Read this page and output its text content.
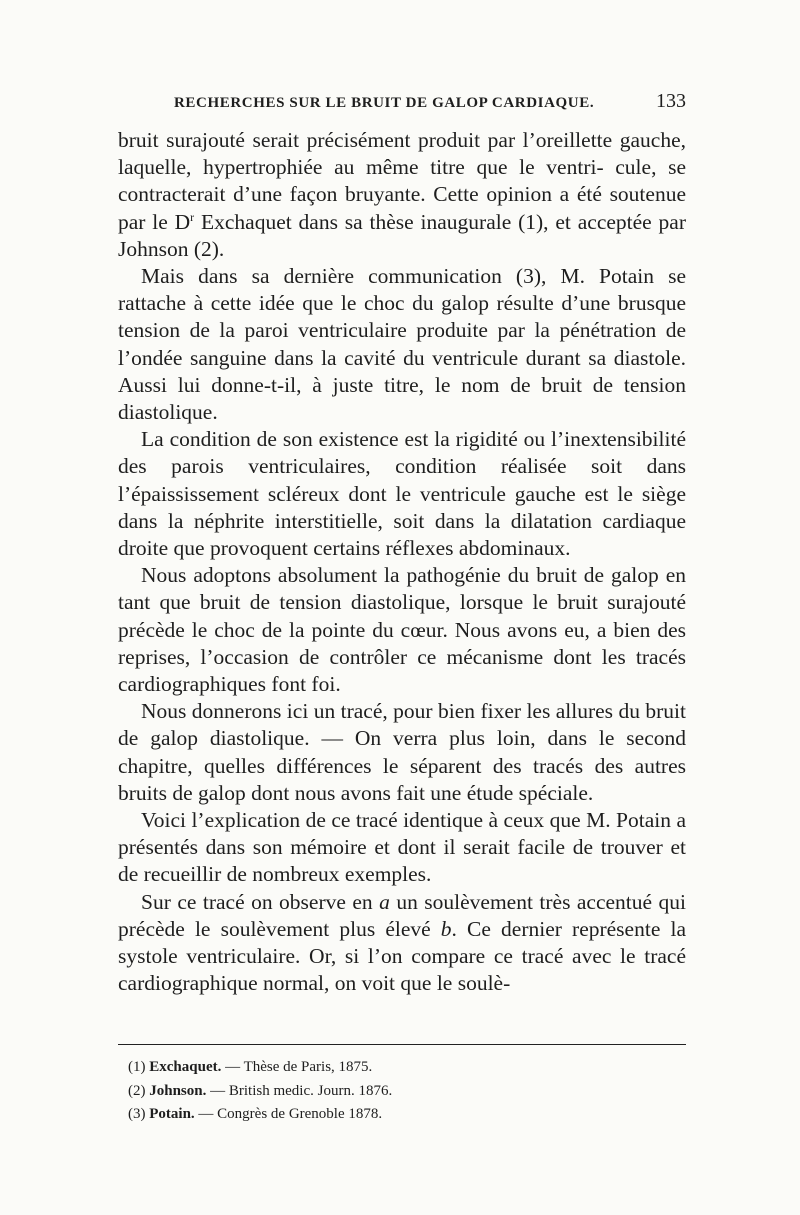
RECHERCHES SUR LE BRUIT DE GALOP CARDIAQUE.	133

bruit surajouté serait précisément produit par l’oreillette gauche, laquelle, hypertrophiée au même titre que le ventri- cule, se contracterait d’une façon bruyante. Cette opinion a été soutenue par le $D^r$ Exchaquet dans sa thèse inaugurale (1), et acceptée par Johnson (2).

Mais dans sa dernière communication (3), M. Potain se rattache à cette idée que le choc du galop résulte d’une brusque tension de la paroi ventriculaire produite par la pénétration de l’ondée sanguine dans la cavité du ventricule durant sa diastole. Aussi lui donne-t-il, à juste titre, le nom de bruit de tension diastolique.

La condition de son existence est la rigidité ou l’inextensibilité des parois ventriculaires, condition réalisée soit dans l’épaississement scléreux dont le ventricule gauche est le siège dans la néphrite interstitielle, soit dans la dilatation cardiaque droite que provoquent certains réflexes abdominaux.

Nous adoptons absolument la pathogénie du bruit de galop en tant que bruit de tension diastolique, lorsque le bruit surajouté précède le choc de la pointe du cœur. Nous avons eu, a bien des reprises, l’occasion de contrôler ce mécanisme dont les tracés cardiographiques font foi.

Nous donnerons ici un tracé, pour bien fixer les allures du bruit de galop diastolique. — On verra plus loin, dans le second chapitre, quelles différences le séparent des tracés des autres bruits de galop dont nous avons fait une étude spéciale.

Voici l’explication de ce tracé identique à ceux que M. Potain a présentés dans son mémoire et dont il serait facile de trouver et de recueillir de nombreux exemples.

Sur ce tracé on observe en a un soulèvement très accentué qui précède le soulèvement plus élevé b. Ce dernier représente la systole ventriculaire. Or, si l’on compare ce tracé avec le tracé cardiographique normal, on voit que le soulè-

(1) Exchaquet. — Thèse de Paris, 1875.
(2) Johnson. — British medic. Journ. 1876.
(3) Potain. — Congrès de Grenoble 1878.
